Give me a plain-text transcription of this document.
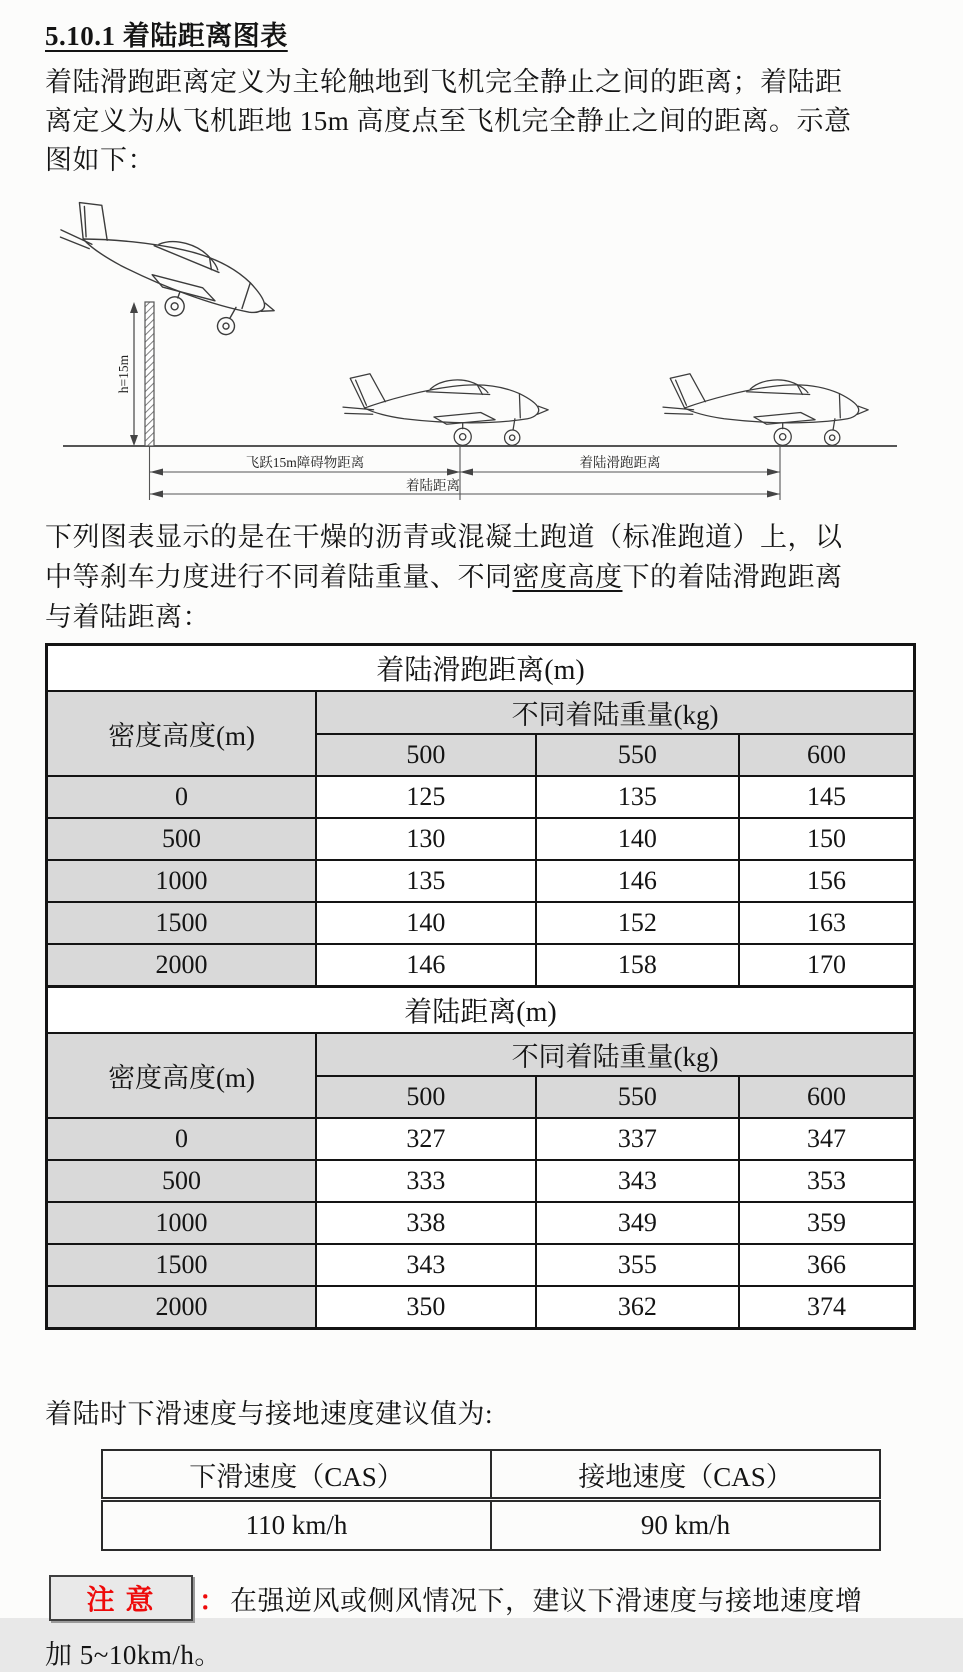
5.10.1 着陆距离图表
着陆滑跑距离定义为主轮触地到飞机完全静止之间的距离；着陆距
离定义为从飞机距地 15m 高度点至飞机完全静止之间的距离。示意
图如下：
h=15m
飞跃15m障碍物距离	着陆滑跑距离
着陆距离
下列图表显示的是在干燥的沥青或混凝土跑道（标准跑道）上，以
中等刹车力度进行不同着陆重量、不同密度高度下的着陆滑跑距离
与着陆距离：
着陆滑跑距离(m)			
密度高度(m)	不同着陆重量(kg)		
	500	550	600
0	125	135	145
500	130	140	150
1000	135	146	156
1500	140	152	163
2000	146	158	170
着陆距离(m)			
密度高度(m)	不同着陆重量(kg)		
	500	550	600
0	327	337	347
500	333	343	353
1000	338	349	359
1500	343	355	366
2000	350	362	374
着陆时下滑速度与接地速度建议值为:
下滑速度（CAS）	接地速度（CAS）
110 km/h	90 km/h
注 意 ： 在强逆风或侧风情况下，建议下滑速度与接地速度增
加 5~10km/h。
